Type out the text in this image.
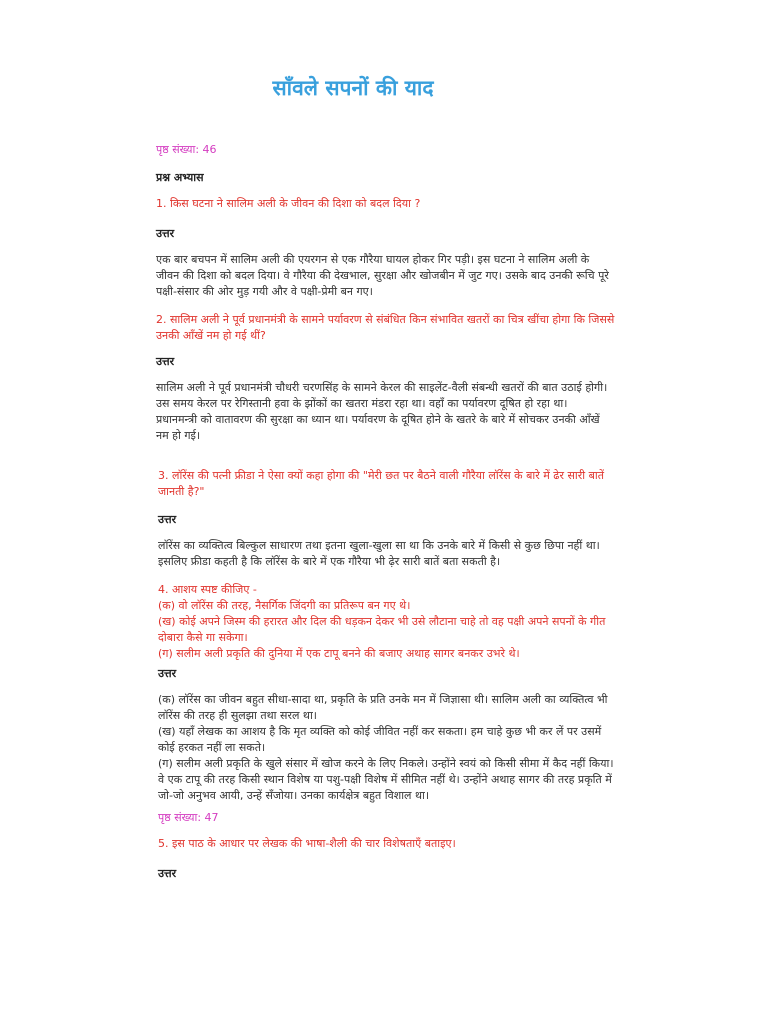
साँवले सपनों की याद
पृष्ठ संख्या: 46
प्रश्न अभ्यास
1. किस घटना ने सालिम अली के जीवन की दिशा को बदल दिया ?
उत्तर
एक बार बचपन में सालिम अली की एयरगन से एक गौरैया घायल होकर गिर पड़ी। इस घटना ने सालिम अली के
जीवन की दिशा को बदल दिया। वे गौरैया की देखभाल, सुरक्षा और खोजबीन में जुट गए। उसके बाद उनकी रूचि पूरे
पक्षी-संसार की ओर मुड़ गयी और वे पक्षी-प्रेमी बन गए।
2. सालिम अली ने पूर्व प्रधानमंत्री के सामने पर्यावरण से संबंधित किन संभावित खतरों का चित्र खींचा होगा कि जिससे
उनकी आँखें नम हो गई थीं?
उत्तर
सालिम अली ने पूर्व प्रधानमंत्री चौधरी चरणसिंह के सामने केरल की साइलेंट-वैली संबन्धी खतरों की बात उठाई होगी।
उस समय केरल पर रेगिस्तानी हवा के झोंकों का खतरा मंडरा रहा था। वहाँ का पर्यावरण दूषित हो रहा था।
प्रधानमन्त्री को वातावरण की सुरक्षा का ध्यान था। पर्यावरण के दूषित होने के खतरे के बारे में सोचकर उनकी आँखें
नम हो गई।
3. लॉरेंस की पत्नी फ्रीडा ने ऐसा क्यों कहा होगा की "मेरी छत पर बैठने वाली गौरैया लॉरेंस के बारे में ढेर सारी बातें
जानती है?"
उत्तर
लॉरेंस का व्यक्तित्व बिल्कुल साधारण तथा इतना खुला-खुला सा था कि उनके बारे में किसी से कुछ छिपा नहीं था।
इसलिए फ्रीडा कहती है कि लॉरेंस के बारे में एक गौरैया भी ढ़ेर सारी बातें बता सकती है।
4. आशय स्पष्ट कीजिए -
(क) वो लॉरेंस की तरह, नैसर्गिक जिंदगी का प्रतिरूप बन गए थे।
(ख) कोई अपने जिस्म की हरारत और दिल की धड़कन देकर भी उसे लौटाना चाहे तो वह पक्षी अपने सपनों के गीत
दोबारा कैसे गा सकेगा।
(ग) सलीम अली प्रकृति की दुनिया में एक टापू बनने की बजाए अथाह सागर बनकर उभरे थे।
उत्तर
(क) लॉरेंस का जीवन बहुत सीधा-सादा था, प्रकृति के प्रति उनके मन में जिज्ञासा थी। सालिम अली का व्यक्तित्व भी
लॉरेंस की तरह ही सुलझा तथा सरल था।
(ख) यहाँ लेखक का आशय है कि मृत व्यक्ति को कोई जीवित नहीं कर सकता। हम चाहे कुछ भी कर लें पर उसमें
कोई हरकत नहीं ला सकते।
(ग) सलीम अली प्रकृति के खुले संसार में खोज करने के लिए निकले। उन्होंने स्वयं को किसी सीमा में कैद नहीं किया।
वे एक टापू की तरह किसी स्थान विशेष या पशु-पक्षी विशेष में सीमित नहीं थे। उन्होंने अथाह सागर की तरह प्रकृति में
जो-जो अनुभव आयी, उन्हें सँजोया। उनका कार्यक्षेत्र बहुत विशाल था।
पृष्ठ संख्या: 47
5. इस पाठ के आधार पर लेखक की भाषा-शैली की चार विशेषताएँ बताइए।
उत्तर
